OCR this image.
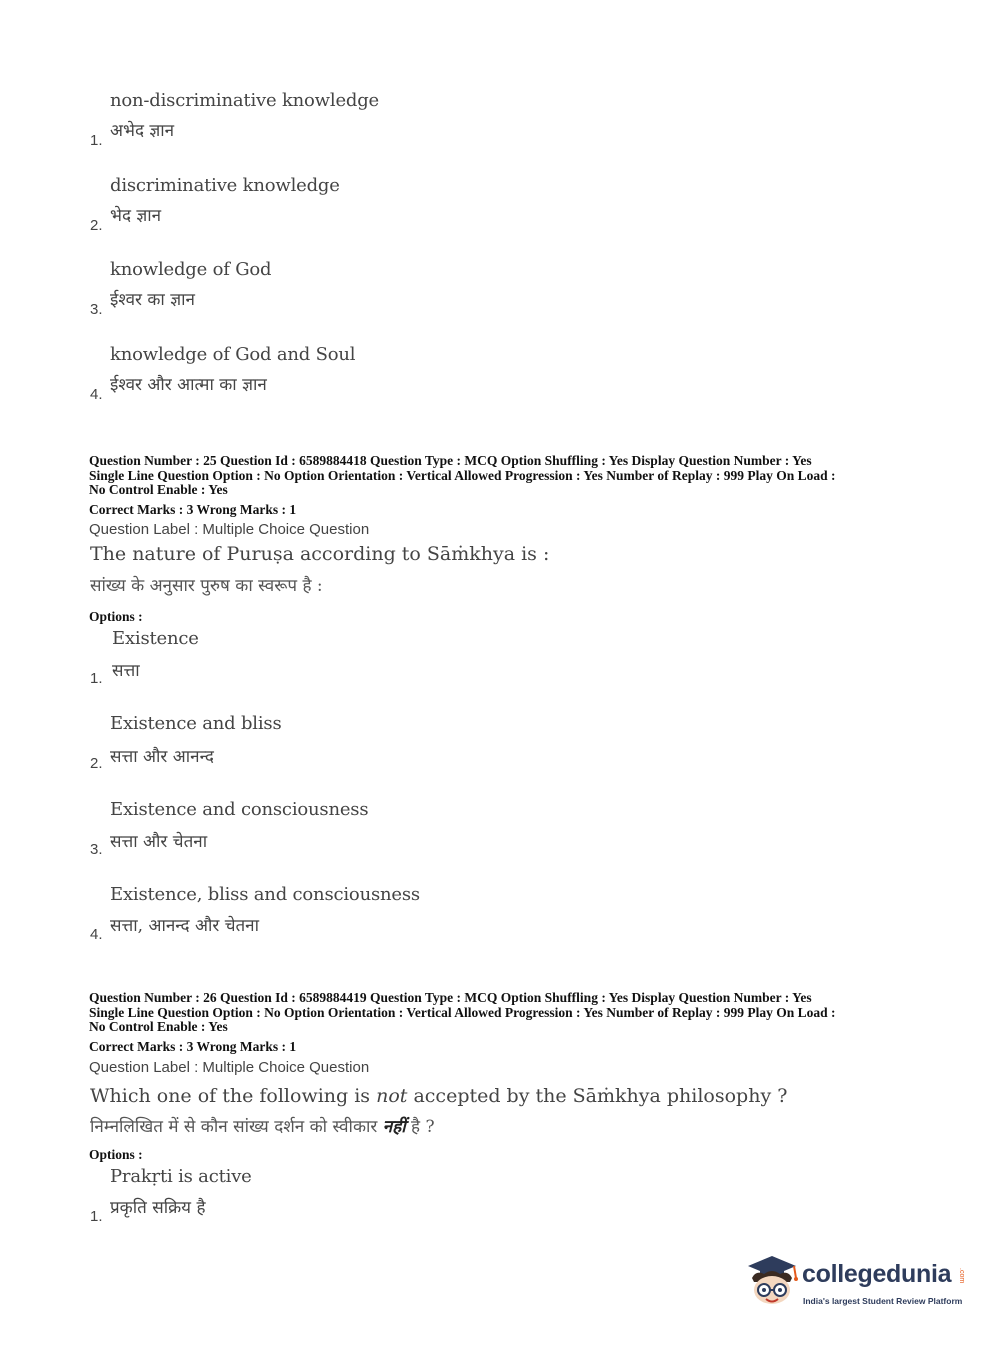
non-discriminative knowledge
अभेद ज्ञान
1.
discriminative knowledge
भेद ज्ञान
2.
knowledge of God
ईश्वर का ज्ञान
3.
knowledge of God and Soul
ईश्वर और आत्मा का ज्ञान
4.
Question Number : 25 Question Id : 6589884418 Question Type : MCQ Option Shuffling : Yes Display Question Number : Yes
Single Line Question Option : No Option Orientation : Vertical Allowed Progression : Yes Number of Replay : 999 Play On Load :
No Control Enable : Yes
Correct Marks : 3 Wrong Marks : 1
Question Label : Multiple Choice Question
The nature of Puruṣa according to Sāṁkhya is :
सांख्य के अनुसार पुरुष का स्वरूप है :
Options :
Existence
सत्ता
1.
Existence and bliss
सत्ता और आनन्द
2.
Existence and consciousness
सत्ता और चेतना
3.
Existence, bliss and consciousness
सत्ता, आनन्द और चेतना
4.
Question Number : 26 Question Id : 6589884419 Question Type : MCQ Option Shuffling : Yes Display Question Number : Yes
Single Line Question Option : No Option Orientation : Vertical Allowed Progression : Yes Number of Replay : 999 Play On Load :
No Control Enable : Yes
Correct Marks : 3 Wrong Marks : 1
Question Label : Multiple Choice Question
Which one of the following is not accepted by the Sāṁkhya philosophy ?
निम्नलिखित में से कौन सांख्य दर्शन को स्वीकार नहीं है ?
Options :
Prakṛti is active
प्रकृति सक्रिय है
1.
collegedunia .com
India's largest Student Review Platform
